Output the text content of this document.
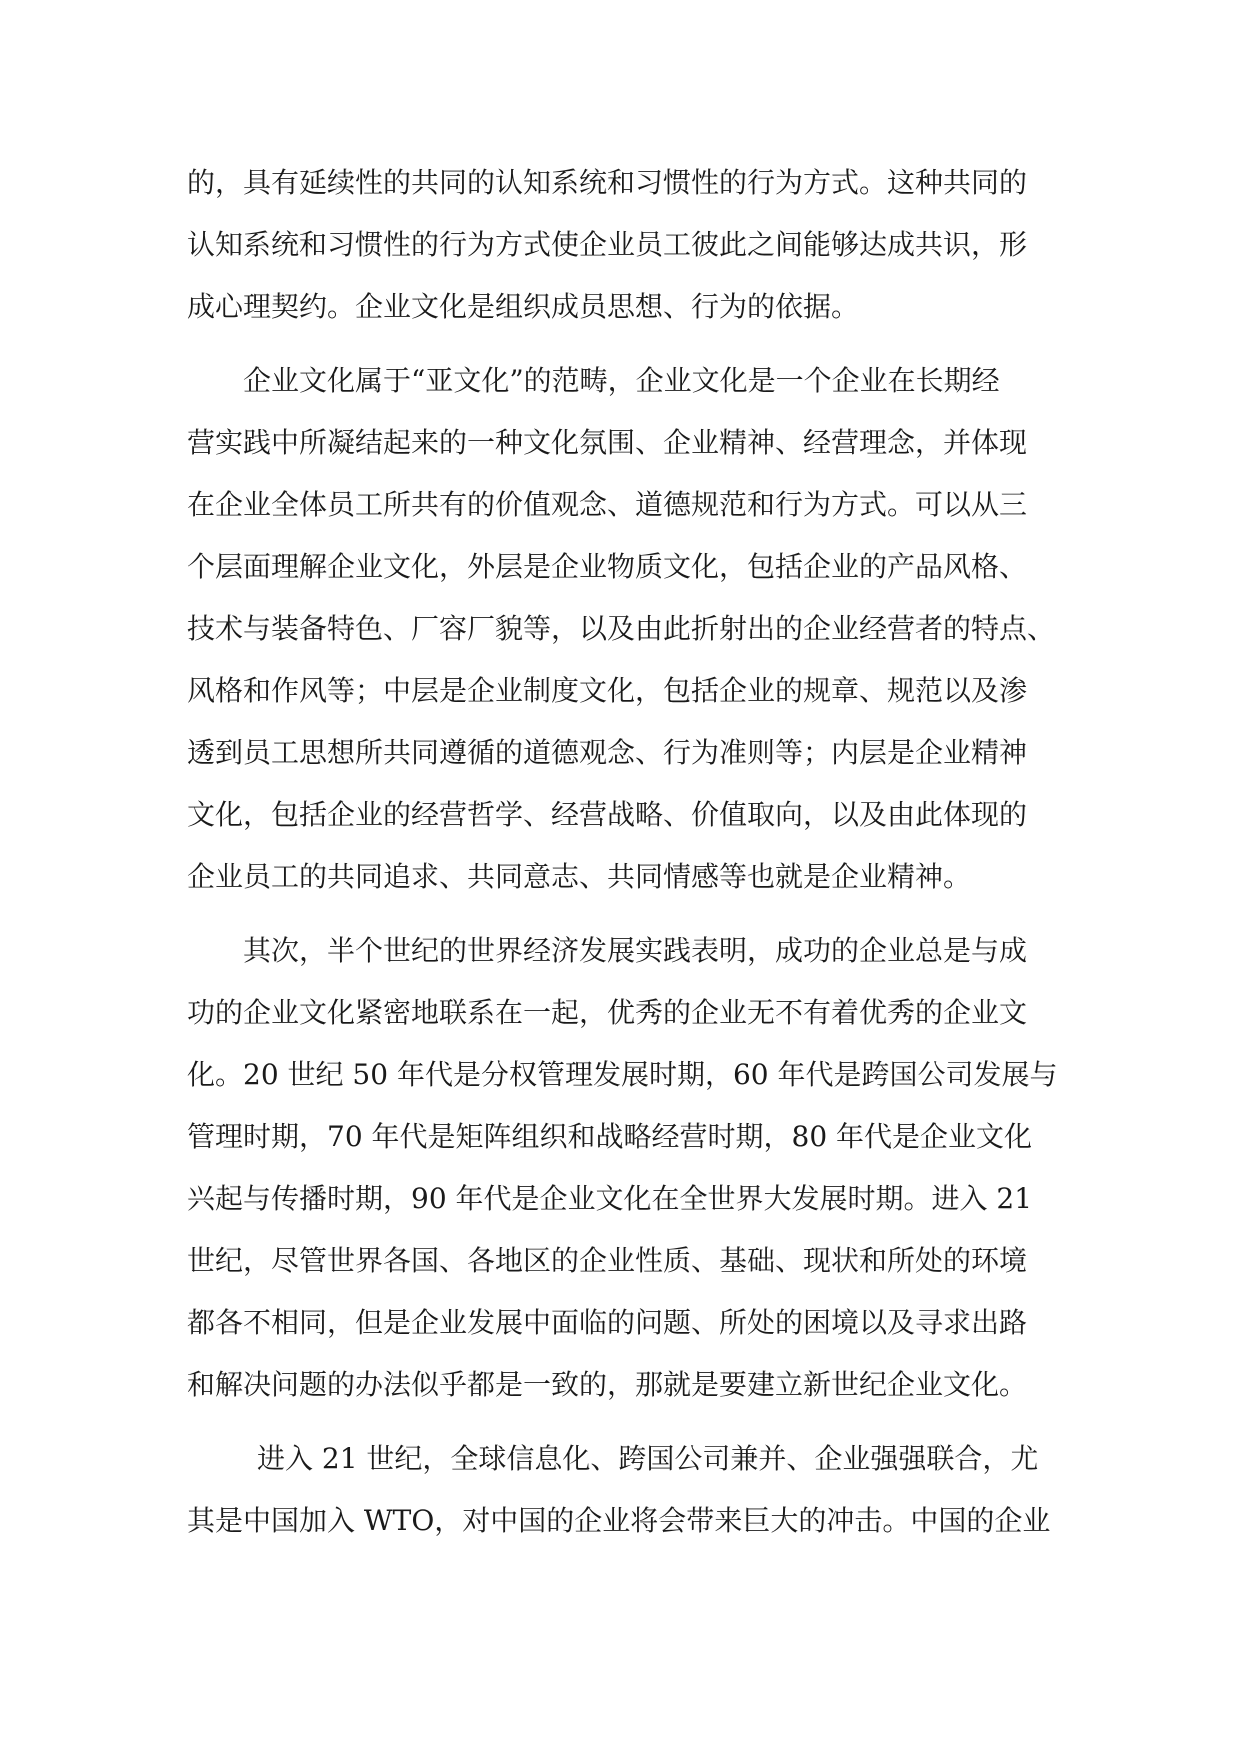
的，具有延续性的共同的认知系统和习惯性的行为方式。这种共同的
认知系统和习惯性的行为方式使企业员工彼此之间能够达成共识，形
成心理契约。企业文化是组织成员思想、行为的依据。
企业文化属于“亚文化”的范畴，企业文化是一个企业在长期经
营实践中所凝结起来的一种文化氛围、企业精神、经营理念，并体现
在企业全体员工所共有的价值观念、道德规范和行为方式。可以从三
个层面理解企业文化，外层是企业物质文化，包括企业的产品风格、
技术与装备特色、厂容厂貌等，以及由此折射出的企业经营者的特点、
风格和作风等；中层是企业制度文化，包括企业的规章、规范以及渗
透到员工思想所共同遵循的道德观念、行为准则等；内层是企业精神
文化，包括企业的经营哲学、经营战略、价值取向，以及由此体现的
企业员工的共同追求、共同意志、共同情感等也就是企业精神。
其次，半个世纪的世界经济发展实践表明，成功的企业总是与成
功的企业文化紧密地联系在一起，优秀的企业无不有着优秀的企业文
化。20 世纪 50 年代是分权管理发展时期，60 年代是跨国公司发展与
管理时期，70 年代是矩阵组织和战略经营时期，80 年代是企业文化
兴起与传播时期，90 年代是企业文化在全世界大发展时期。进入 21
世纪，尽管世界各国、各地区的企业性质、基础、现状和所处的环境
都各不相同，但是企业发展中面临的问题、所处的困境以及寻求出路
和解决问题的办法似乎都是一致的，那就是要建立新世纪企业文化。
进入 21 世纪，全球信息化、跨国公司兼并、企业强强联合，尤
其是中国加入 WTO，对中国的企业将会带来巨大的冲击。中国的企业
